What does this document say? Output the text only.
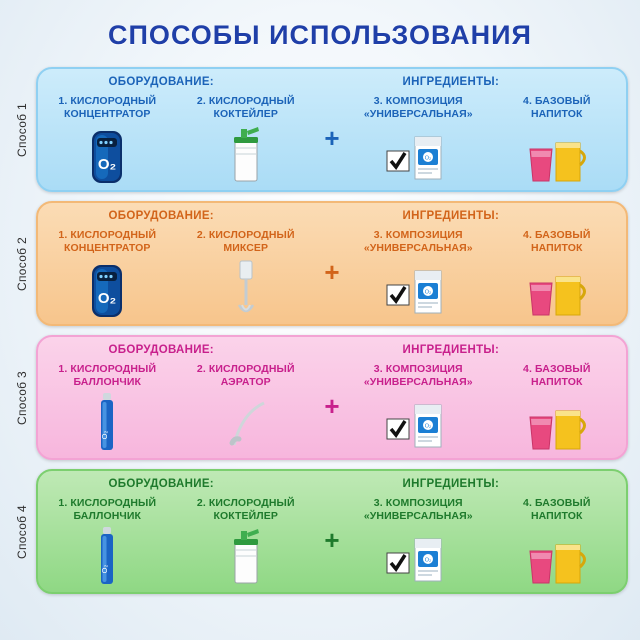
СПОСОБЫ ИСПОЛЬЗОВАНИЯ
Способ 1
ОБОРУДОВАНИЕ:	ИНГРЕДИЕНТЫ:
1. КИСЛОРОДНЫЙ
КОНЦЕНТРАТОР
O₂
2. КИСЛОРОДНЫЙ
КОКТЕЙЛЕР
+
3. КОМПОЗИЦИЯ
«УНИВЕРСАЛЬНАЯ»
O₂
4. БАЗОВЫЙ
НАПИТОК
Способ 2
ОБОРУДОВАНИЕ:	ИНГРЕДИЕНТЫ:
1. КИСЛОРОДНЫЙ
КОНЦЕНТРАТОР
O₂
2. КИСЛОРОДНЫЙ
МИКСЕР
+
3. КОМПОЗИЦИЯ
«УНИВЕРСАЛЬНАЯ»
O₂
4. БАЗОВЫЙ
НАПИТОК
Способ 3
ОБОРУДОВАНИЕ:	ИНГРЕДИЕНТЫ:
1. КИСЛОРОДНЫЙ
БАЛЛОНЧИК
O₂
2. КИСЛОРОДНЫЙ
АЭРАТОР
+
3. КОМПОЗИЦИЯ
«УНИВЕРСАЛЬНАЯ»
O₂
4. БАЗОВЫЙ
НАПИТОК
Способ 4
ОБОРУДОВАНИЕ:	ИНГРЕДИЕНТЫ:
1. КИСЛОРОДНЫЙ
БАЛЛОНЧИК
O₂
2. КИСЛОРОДНЫЙ
КОКТЕЙЛЕР
+
3. КОМПОЗИЦИЯ
«УНИВЕРСАЛЬНАЯ»
O₂
4. БАЗОВЫЙ
НАПИТОК
